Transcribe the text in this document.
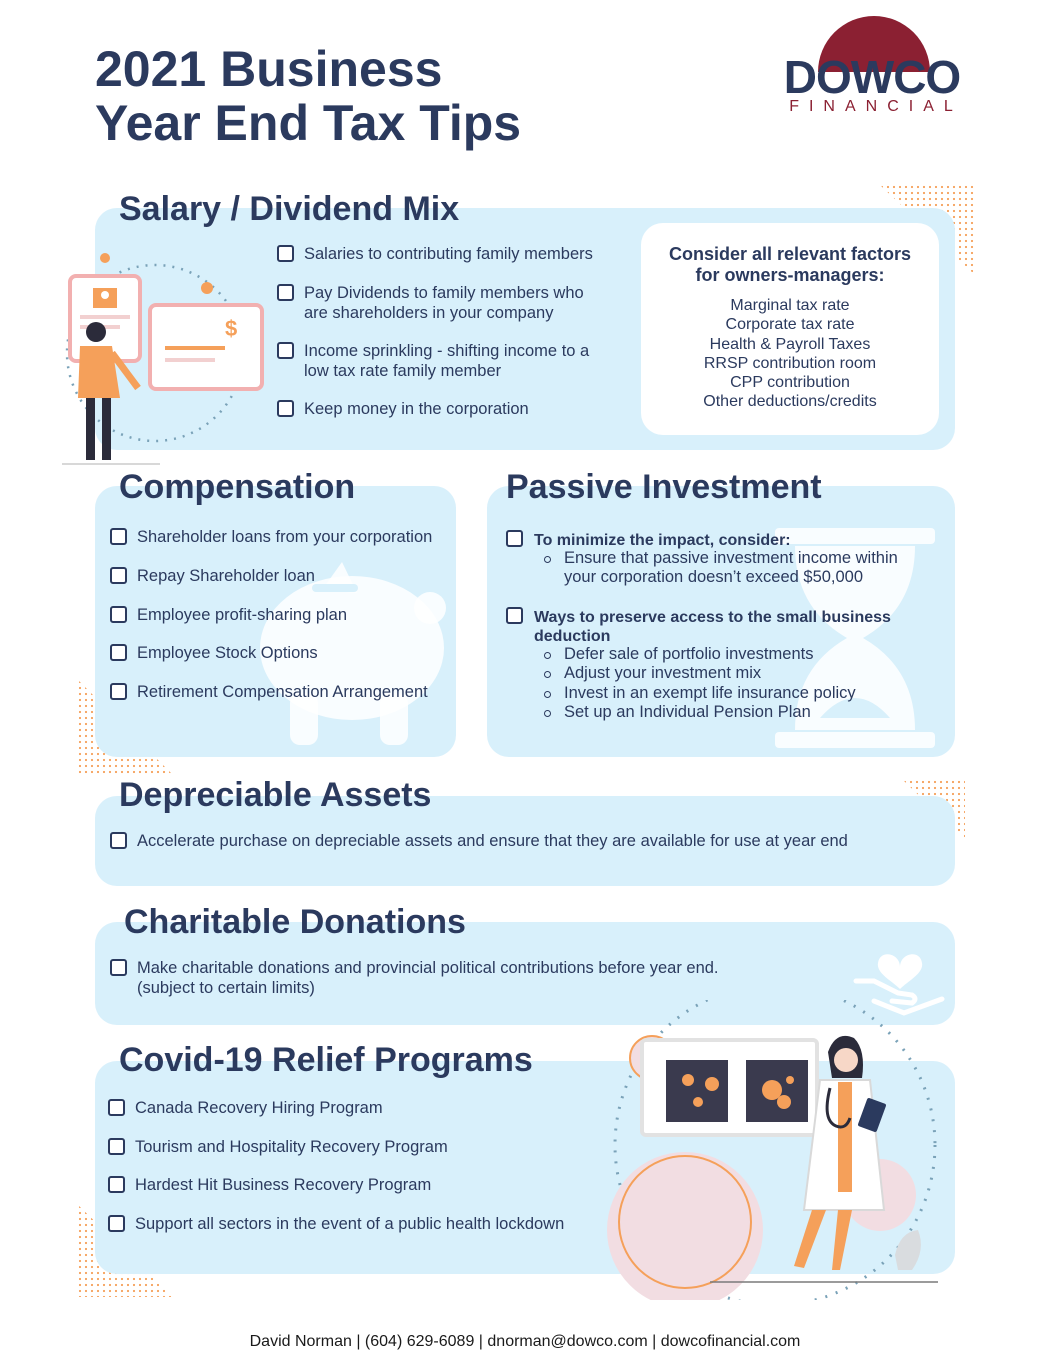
2021 Business
Year End Tax Tips
DOWCO
FINANCIAL
Salary / Dividend Mix
$
Salaries to contributing family members
Pay Dividends to family members who
are shareholders in your company
Income sprinkling - shifting income to a
low tax rate family member
Keep money in the corporation
Consider all relevant factors
for owners-managers:
Marginal tax rate
Corporate tax rate
Health & Payroll Taxes
RRSP contribution room
CPP contribution
Other deductions/credits
Compensation
Shareholder loans from your corporation
Repay Shareholder loan
Employee profit-sharing plan
Employee Stock Options
Retirement Compensation Arrangement
Passive Investment
To minimize the impact, consider:
Ensure that passive investment income within
your corporation doesn’t exceed $50,000
Ways to preserve access to the small business
deduction
Defer sale of portfolio investments
Adjust your investment mix
Invest in an exempt life insurance policy
Set up an Individual Pension Plan
Depreciable Assets
Accelerate purchase on depreciable assets and ensure that they are available for use at year end
Charitable Donations
Make charitable donations and provincial political contributions before year end.
(subject to certain limits)
Covid-19 Relief Programs
Canada Recovery Hiring Program
Tourism and Hospitality Recovery Program
Hardest Hit Business Recovery Program
Support all sectors in the event of a public health lockdown
David Norman | (604) 629-6089 | dnorman@dowco.com | dowcofinancial.com
